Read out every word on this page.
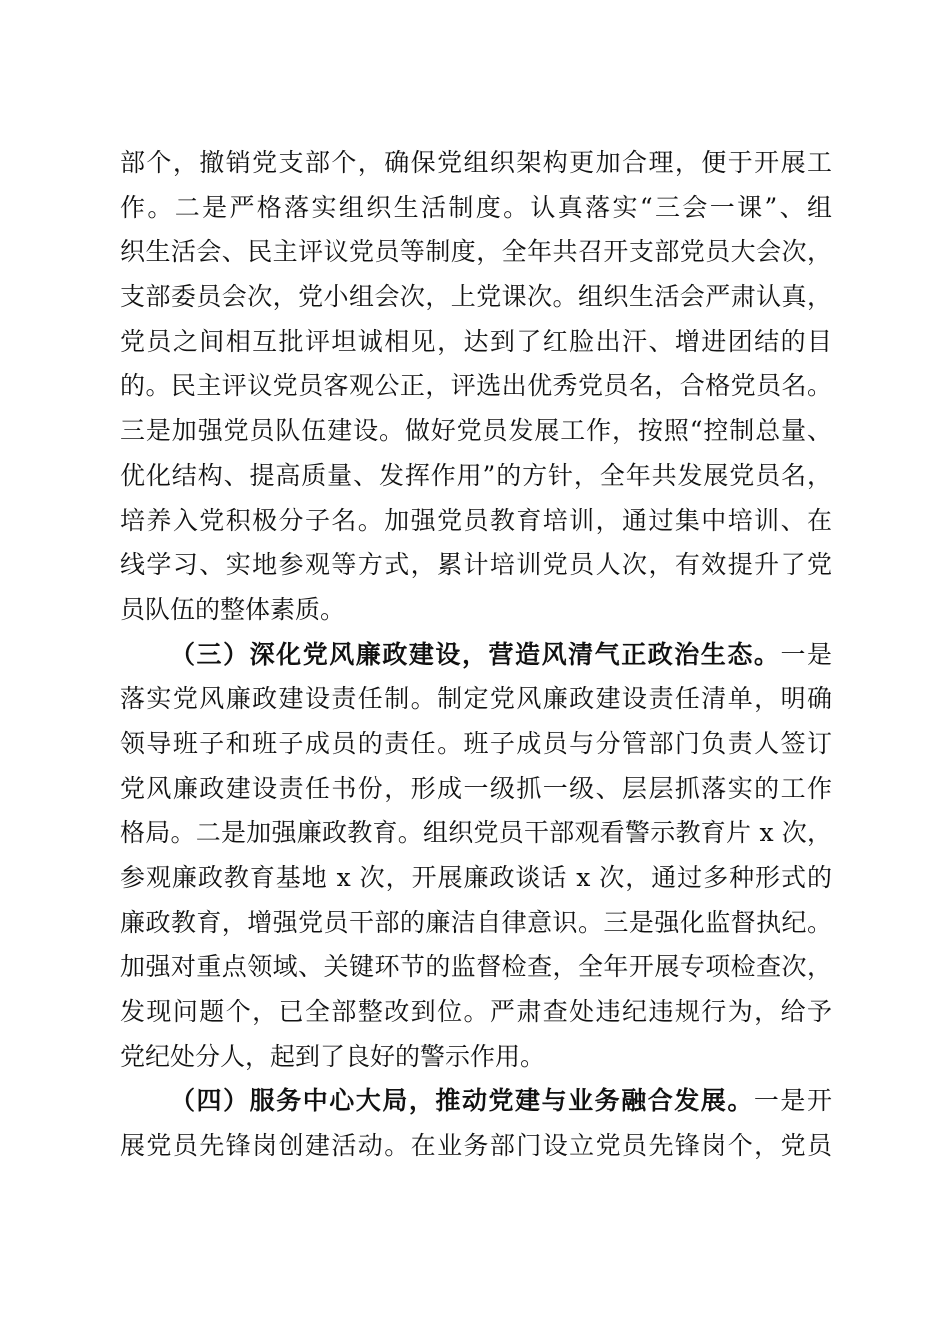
部个，撤销党支部个，确保党组织架构更加合理，便于开展工
作。二是严格落实组织生活制度。认真落实“三会一课”、组
织生活会、民主评议党员等制度，全年共召开支部党员大会次，
支部委员会次，党小组会次，上党课次。组织生活会严肃认真，
党员之间相互批评坦诚相见，达到了红脸出汗、增进团结的目
的。民主评议党员客观公正，评选出优秀党员名，合格党员名。
三是加强党员队伍建设。做好党员发展工作，按照“控制总量、
优化结构、提高质量、发挥作用”的方针，全年共发展党员名，
培养入党积极分子名。加强党员教育培训，通过集中培训、在
线学习、实地参观等方式，累计培训党员人次，有效提升了党
员队伍的整体素质。
（三）深化党风廉政建设，营造风清气正政治生态。一是
落实党风廉政建设责任制。制定党风廉政建设责任清单，明确
领导班子和班子成员的责任。班子成员与分管部门负责人签订
党风廉政建设责任书份，形成一级抓一级、层层抓落实的工作
格局。二是加强廉政教育。组织党员干部观看警示教育片 x 次，
参观廉政教育基地 x 次，开展廉政谈话 x 次，通过多种形式的
廉政教育，增强党员干部的廉洁自律意识。三是强化监督执纪。
加强对重点领域、关键环节的监督检查，全年开展专项检查次，
发现问题个，已全部整改到位。严肃查处违纪违规行为，给予
党纪处分人，起到了良好的警示作用。
（四）服务中心大局，推动党建与业务融合发展。一是开
展党员先锋岗创建活动。在业务部门设立党员先锋岗个，党员
